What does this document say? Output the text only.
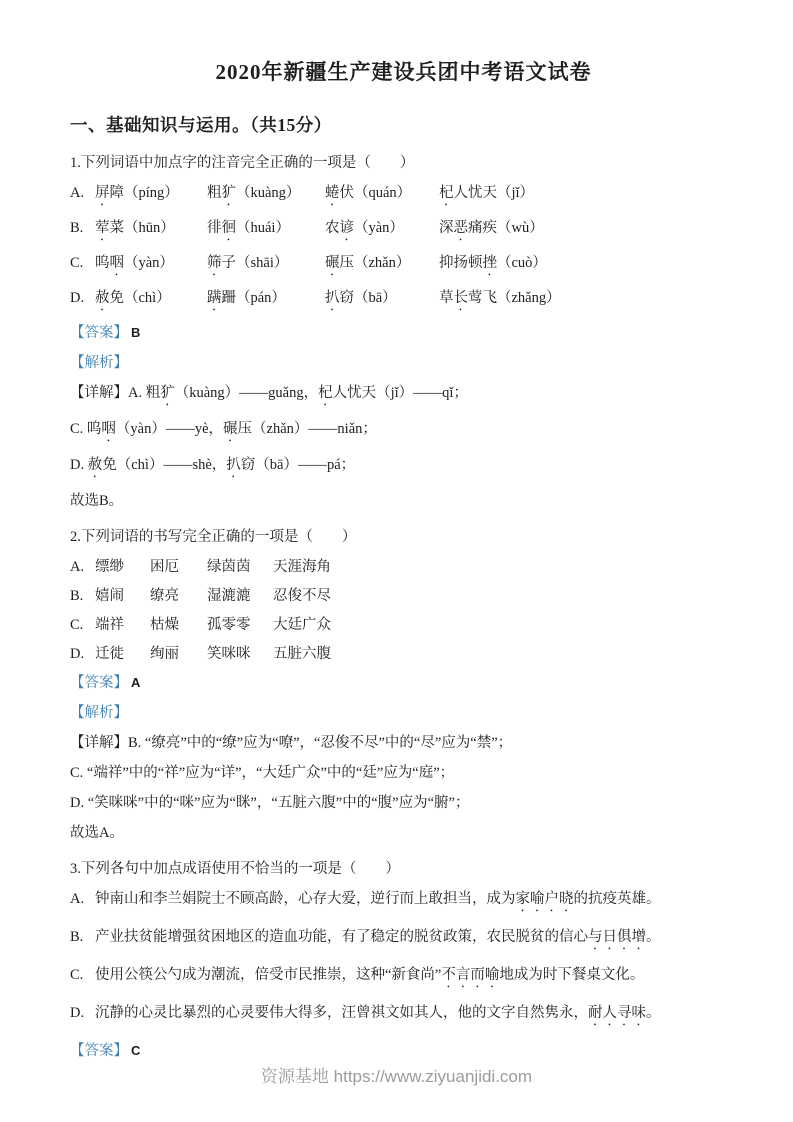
2020年新疆生产建设兵团中考语文试卷
一、基础知识与运用。（共15分）

1.下列词语中加点字的注音完全正确的一项是（　　）

A. 屏障（píng） 粗犷（kuàng） 蜷伏（quán） 杞人忧天（jǐ）

B. 荤菜（hūn） 徘徊（huái） 农谚（yàn） 深恶痛疾（wù）

C. 呜咽（yàn） 筛子（shāi）	碾压（zhǎn） 抑扬顿挫（cuò）

D. 赦免（chì）	蹒跚（pán）	扒窃（bā）	草长莺飞（zhǎng）

【答案】 B

【解析】

【详解】A. 粗犷（kuàng）——guǎng，杞人忧天（jǐ）——qǐ；

C. 呜咽（yàn）——yè，碾压（zhǎn）——niǎn；

D. 赦免（chì）——shè，扒窃（bā）——pá；

故选B。

2.下列词语的书写完全正确的一项是（　　）

A. 缥缈 困厄 绿茵茵 天涯海角

B. 嬉闹 缭亮 湿漉漉 忍俊不尽

C. 端祥 枯燥 孤零零 大廷广众

D. 迁徙 绚丽 笑咪咪 五脏六腹

【答案】 A

【解析】

【详解】B. “缭亮”中的“缭”应为“嘹”，“忍俊不尽”中的“尽”应为“禁”；

C. “端祥”中的“祥”应为“详”，“大廷广众”中的“廷”应为“庭”；

D. “笑咪咪”中的“咪”应为“眯”，“五脏六腹”中的“腹”应为“腑”；

故选A。

3.下列各句中加点成语使用不恰当的一项是（　　）

A. 钟南山和李兰娟院士不顾高龄，心存大爱，逆行而上敢担当，成为家喻户晓的抗疫英雄。

B. 产业扶贫能增强贫困地区的造血功能，有了稳定的脱贫政策，农民脱贫的信心与日俱增。

C. 使用公筷公勺成为潮流，倍受市民推崇，这种“新食尚”不言而喻地成为时下餐桌文化。

D. 沉静的心灵比暴烈的心灵要伟大得多，汪曾祺文如其人，他的文字自然隽永，耐人寻味。

【答案】 C

资源基地 https://www.ziyuanjidi.com
